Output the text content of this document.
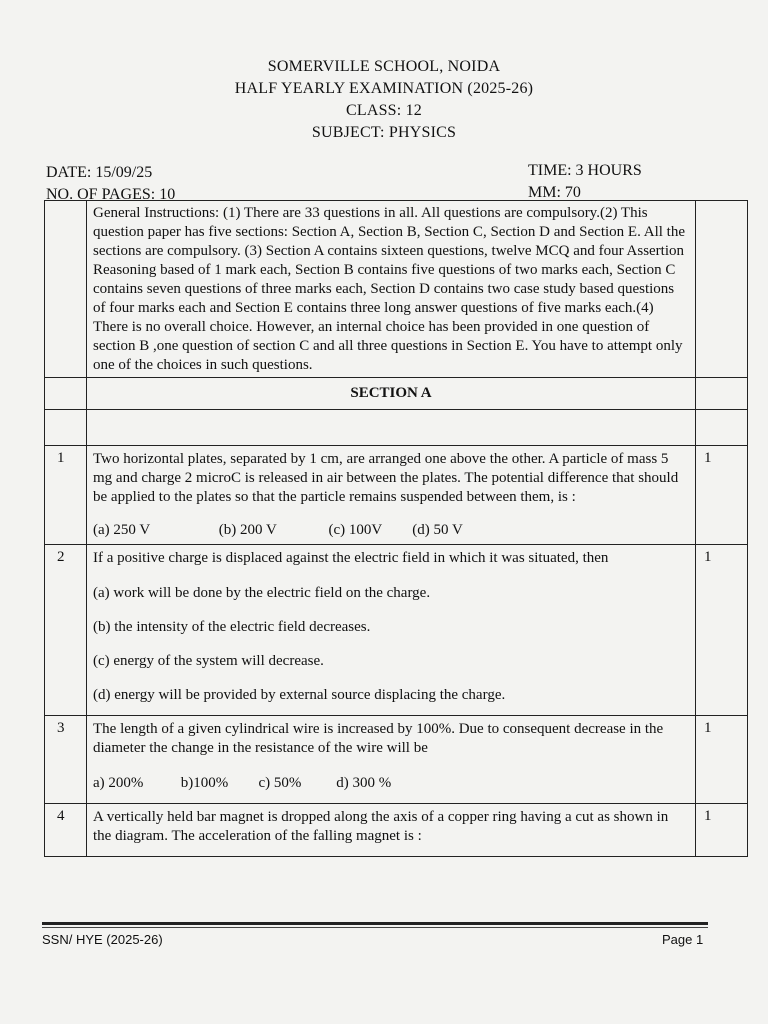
SOMERVILLE SCHOOL, NOIDA
HALF YEARLY EXAMINATION (2025-26)
CLASS: 12
SUBJECT: PHYSICS
DATE: 15/09/25
NO. OF PAGES: 10
TIME: 3 HOURS
MM: 70
	General Instructions: (1) There are 33 questions in all. All questions are compulsory.(2) This question paper has five sections: Section A, Section B, Section C, Section D and Section E. All the sections are compulsory. (3) Section A contains sixteen questions, twelve MCQ and four Assertion Reasoning based of 1 mark each, Section B contains five questions of two marks each, Section C contains seven questions of three marks each, Section D contains two case study based questions of four marks each and Section E contains three long answer questions of five marks each.(4) There is no overall choice. However, an internal choice has been provided in one question of section B ,one question of section C and all three questions in Section E. You have to attempt only one of the choices in such questions.	
	SECTION A	

1	Two horizontal plates, separated by 1 cm, are arranged one above the other. A particle of mass 5 mg and charge 2 microC is released in air between the plates. The potential difference that should be applied to the plates so that the particle remains suspended between them, is :
(a) 250 V (b) 200 V (c) 100V (d) 50 V	1
2	If a positive charge is displaced against the electric field in which it was situated, then
(a) work will be done by the electric field on the charge.
(b) the intensity of the electric field decreases.
(c) energy of the system will decrease.
(d) energy will be provided by external source displacing the charge.	1
3	The length of a given cylindrical wire is increased by 100%. Due to consequent decrease in the diameter the change in the resistance of the wire will be
a) 200% b)100% c) 50% d) 300 %	1
4	A vertically held bar magnet is dropped along the axis of a copper ring having a cut as shown in the diagram. The acceleration of the falling magnet is :	1
SSN/ HYE (2025-26)	Page 1
